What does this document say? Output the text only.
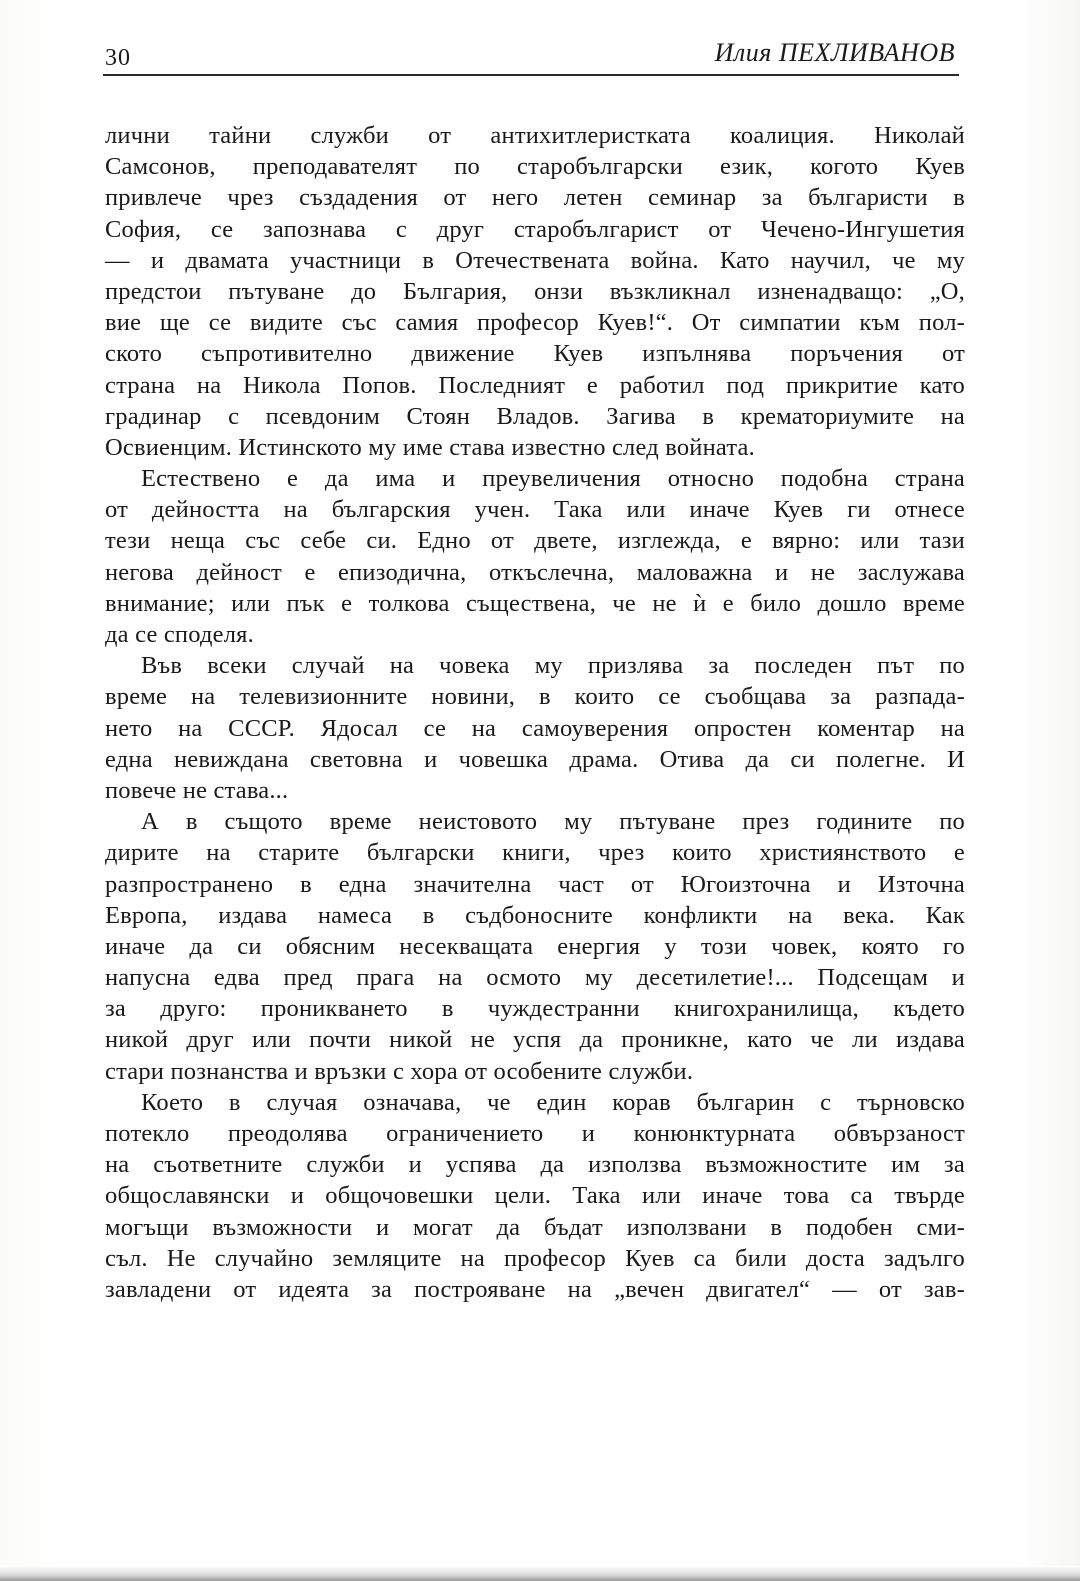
30	Илия ПЕХЛИВАНОВ
лични тайни служби от антихитлеристката коалиция. Николай
Самсонов, преподавателят по старобългарски език, когото Куев
привлече чрез създадения от него летен семинар за българисти в
София, се запознава с друг старобългарист от Чечено-Ингушетия
— и двамата участници в Отечествената война. Като научил, че му
предстои пътуване до България, онзи възкликнал изненадващо: „О,
вие ще се видите със самия професор Куев!“. От симпатии към пол-
ското съпротивително движение Куев изпълнява поръчения от
страна на Никола Попов. Последният е работил под прикритие като
градинар с псевдоним Стоян Владов. Загива в крематориумите на
Освиенцим. Истинското му име става известно след войната.
Естествено е да има и преувеличения относно подобна страна
от дейността на българския учен. Така или иначе Куев ги отнесе
тези неща със себе си. Едно от двете, изглежда, е вярно: или тази
негова дейност е епизодична, откъслечна, маловажна и не заслужава
внимание; или пък е толкова съществена, че не ѝ е било дошло време
да се споделя.
Във всеки случай на човека му призлява за последен път по
време на телевизионните новини, в които се съобщава за разпада-
нето на СССР. Ядосал се на самоуверения опростен коментар на
една невиждана световна и човешка драма. Отива да си полегне. И
повече не става...
А в същото време неистовото му пътуване през годините по
дирите на старите български книги, чрез които християнството е
разпространено в една значителна част от Югоизточна и Източна
Европа, издава намеса в съдбоносните конфликти на века. Как
иначе да си обясним несекващата енергия у този човек, която го
напусна едва пред прага на осмото му десетилетие!... Подсещам и
за друго: проникването в чуждестранни книгохранилища, където
никой друг или почти никой не успя да проникне, като че ли издава
стари познанства и връзки с хора от особените служби.
Което в случая означава, че един корав българин с търновско
потекло преодолява ограничението и конюнктурната обвързаност
на съответните служби и успява да използва възможностите им за
общославянски и общочовешки цели. Така или иначе това са твърде
могъщи възможности и могат да бъдат използвани в подобен сми-
съл. Не случайно земляците на професор Куев са били доста задълго
завладени от идеята за построяване на „вечен двигател“ — от зав-
